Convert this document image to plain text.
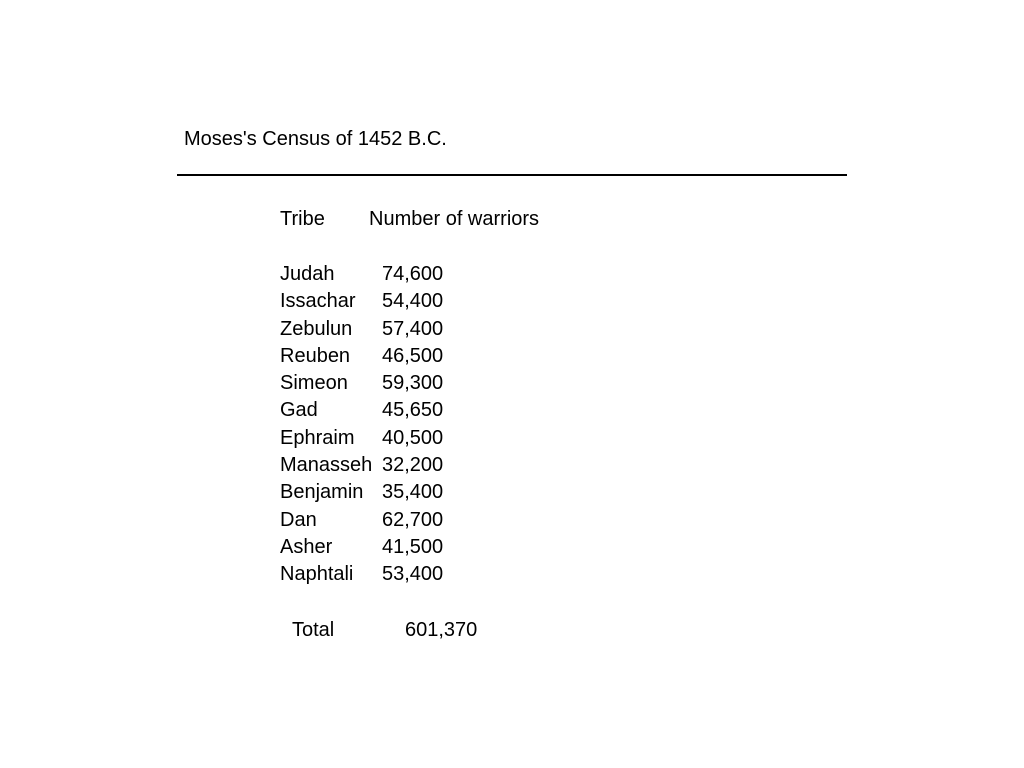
Moses's Census of 1452 B.C.
Tribe Number of warriors
Judah 74,600
Issachar 54,400
Zebulun 57,400
Reuben 46,500
Simeon 59,300
Gad	45,650
Ephraim 40,500
Manasseh 32,200
Benjamin 35,400
Dan	62,700
Asher 41,500
Naphtali 53,400
Total	601,370
